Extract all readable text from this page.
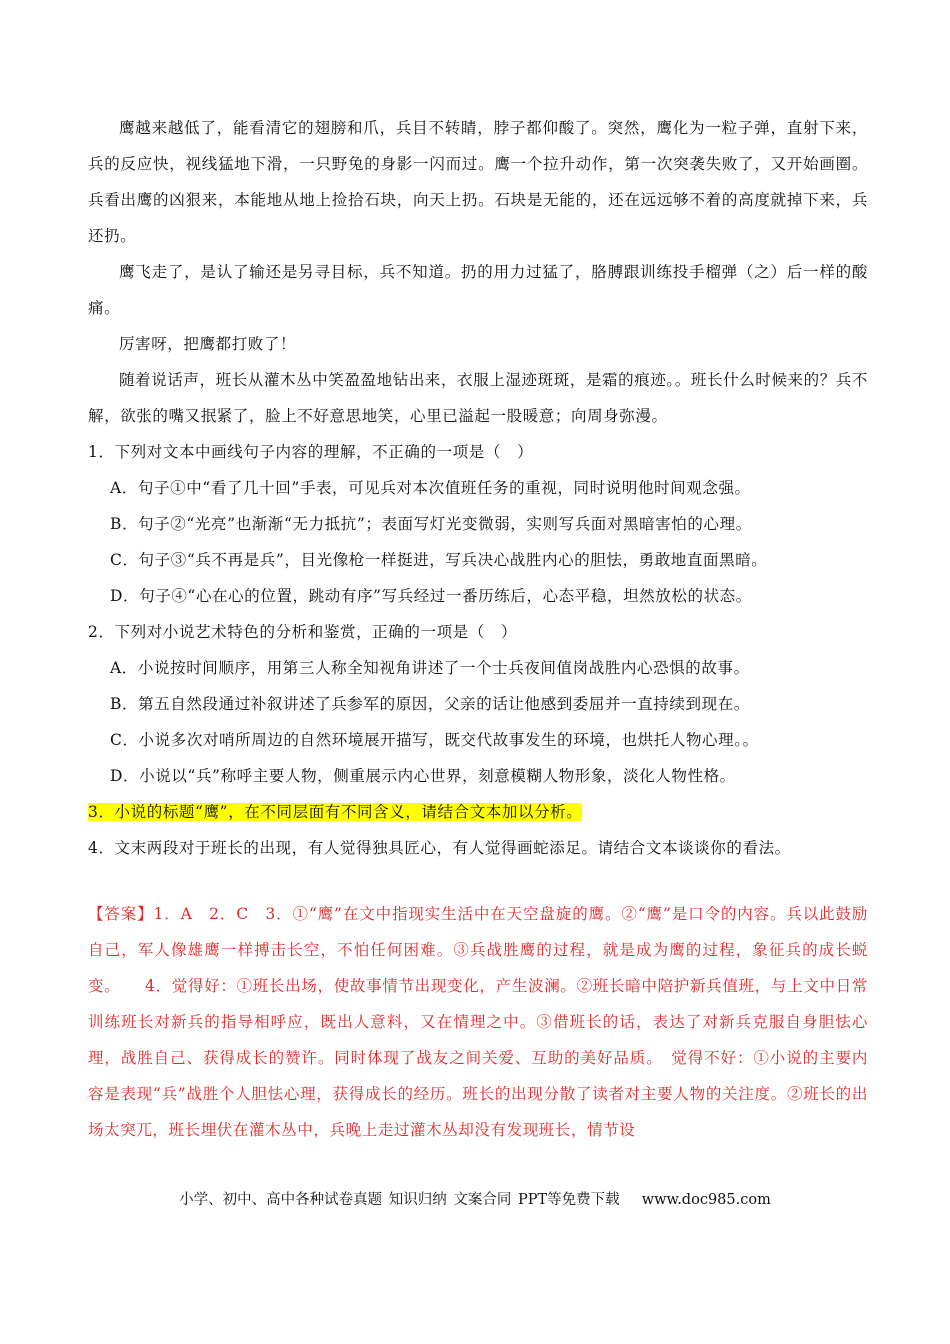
鹰越来越低了，能看清它的翅膀和爪，兵目不转睛，脖子都仰酸了。突然，鹰化为一粒子弹，直射下来，兵的反应快，视线猛地下滑，一只野兔的身影一闪而过。鹰一个拉升动作，第一次突袭失败了，又开始画圈。兵看出鹰的凶狠来，本能地从地上捡拾石块，向天上扔。石块是无能的，还在远远够不着的高度就掉下来，兵还扔。

鹰飞走了，是认了输还是另寻目标，兵不知道。扔的用力过猛了，胳膊跟训练投手榴弹（之）后一样的酸痛。

厉害呀，把鹰都打败了！

随着说话声，班长从灌木丛中笑盈盈地钻出来，衣服上湿迹斑斑，是霜的痕迹。。班长什么时候来的？兵不解，欲张的嘴又抿紧了，脸上不好意思地笑，心里已溢起一股暖意；向周身弥漫。

1．下列对文本中画线句子内容的理解，不正确的一项是（　）

A．句子①中“看了几十回”手表，可见兵对本次值班任务的重视，同时说明他时间观念强。

B．句子②“光亮”也渐渐“无力抵抗”；表面写灯光变微弱，实则写兵面对黑暗害怕的心理。

C．句子③“兵不再是兵”，目光像枪一样挺进，写兵决心战胜内心的胆怯，勇敢地直面黑暗。

D．句子④“心在心的位置，跳动有序”写兵经过一番历练后，心态平稳，坦然放松的状态。

2．下列对小说艺术特色的分析和鉴赏，正确的一项是（　）

A．小说按时间顺序，用第三人称全知视角讲述了一个士兵夜间值岗战胜内心恐惧的故事。

B．第五自然段通过补叙讲述了兵参军的原因，父亲的话让他感到委屈并一直持续到现在。

C．小说多次对哨所周边的自然环境展开描写，既交代故事发生的环境，也烘托人物心理。。

D．小说以“兵”称呼主要人物，侧重展示内心世界，刻意模糊人物形象，淡化人物性格。

3．小说的标题“鹰”，在不同层面有不同含义，请结合文本加以分析。

4．文末两段对于班长的出现，有人觉得独具匠心，有人觉得画蛇添足。请结合文本谈谈你的看法。

【答案】1．A　2．C　3．①“鹰”在文中指现实生活中在天空盘旋的鹰。②“鹰”是口令的内容。兵以此鼓励自己，军人像雄鹰一样搏击长空，不怕任何困难。③兵战胜鹰的过程，就是成为鹰的过程，象征兵的成长蜕变。　　4．觉得好：①班长出场，使故事情节出现变化，产生波澜。②班长暗中陪护新兵值班，与上文中日常训练班长对新兵的指导相呼应，既出人意料，又在情理之中。③借班长的话，表达了对新兵克服自身胆怯心理，战胜自己、获得成长的赞许。同时体现了战友之间关爱、互助的美好品质。　觉得不好：①小说的主要内容是表现“兵”战胜个人胆怯心理，获得成长的经历。班长的出现分散了读者对主要人物的关注度。②班长的出场太突兀，班长埋伏在灌木丛中，兵晚上走过灌木丛却没有发现班长，情节设
小学、初中、高中各种试卷真题 知识归纳 文案合同 PPT等免费下载 www.doc985.com
